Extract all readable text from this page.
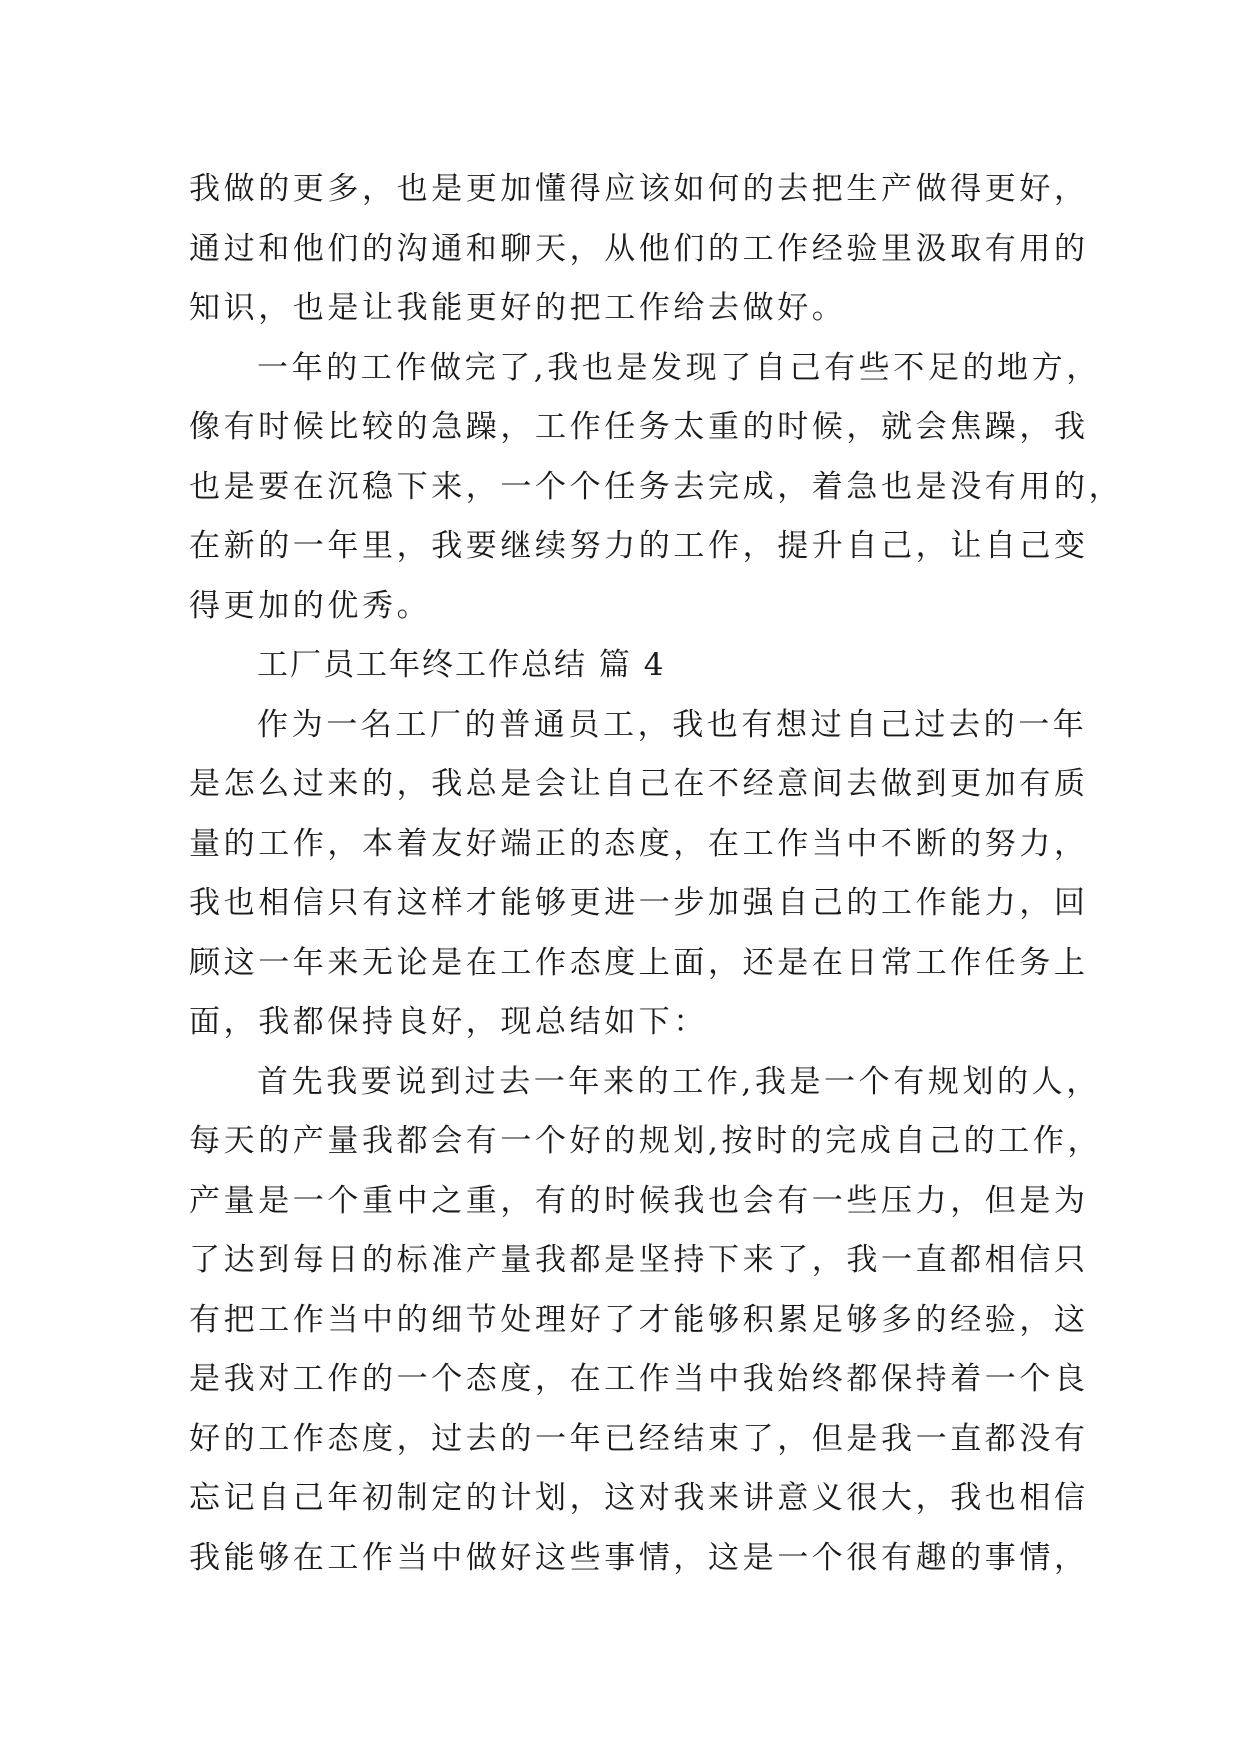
我做的更多，也是更加懂得应该如何的去把生产做得更好，
通过和他们的沟通和聊天，从他们的工作经验里汲取有用的
知识，也是让我能更好的把工作给去做好。
一年的工作做完了,我也是发现了自己有些不足的地方，
像有时候比较的急躁，工作任务太重的时候，就会焦躁，我
也是要在沉稳下来，一个个任务去完成，着急也是没有用的，
在新的一年里，我要继续努力的工作，提升自己，让自己变
得更加的优秀。
工厂员工年终工作总结 篇 4
作为一名工厂的普通员工，我也有想过自己过去的一年
是怎么过来的，我总是会让自己在不经意间去做到更加有质
量的工作，本着友好端正的态度，在工作当中不断的努力，
我也相信只有这样才能够更进一步加强自己的工作能力，回
顾这一年来无论是在工作态度上面，还是在日常工作任务上
面，我都保持良好，现总结如下：
首先我要说到过去一年来的工作,我是一个有规划的人，
每天的产量我都会有一个好的规划,按时的完成自己的工作，
产量是一个重中之重，有的时候我也会有一些压力，但是为
了达到每日的标准产量我都是坚持下来了，我一直都相信只
有把工作当中的细节处理好了才能够积累足够多的经验，这
是我对工作的一个态度，在工作当中我始终都保持着一个良
好的工作态度，过去的一年已经结束了，但是我一直都没有
忘记自己年初制定的计划，这对我来讲意义很大，我也相信
我能够在工作当中做好这些事情，这是一个很有趣的事情，
